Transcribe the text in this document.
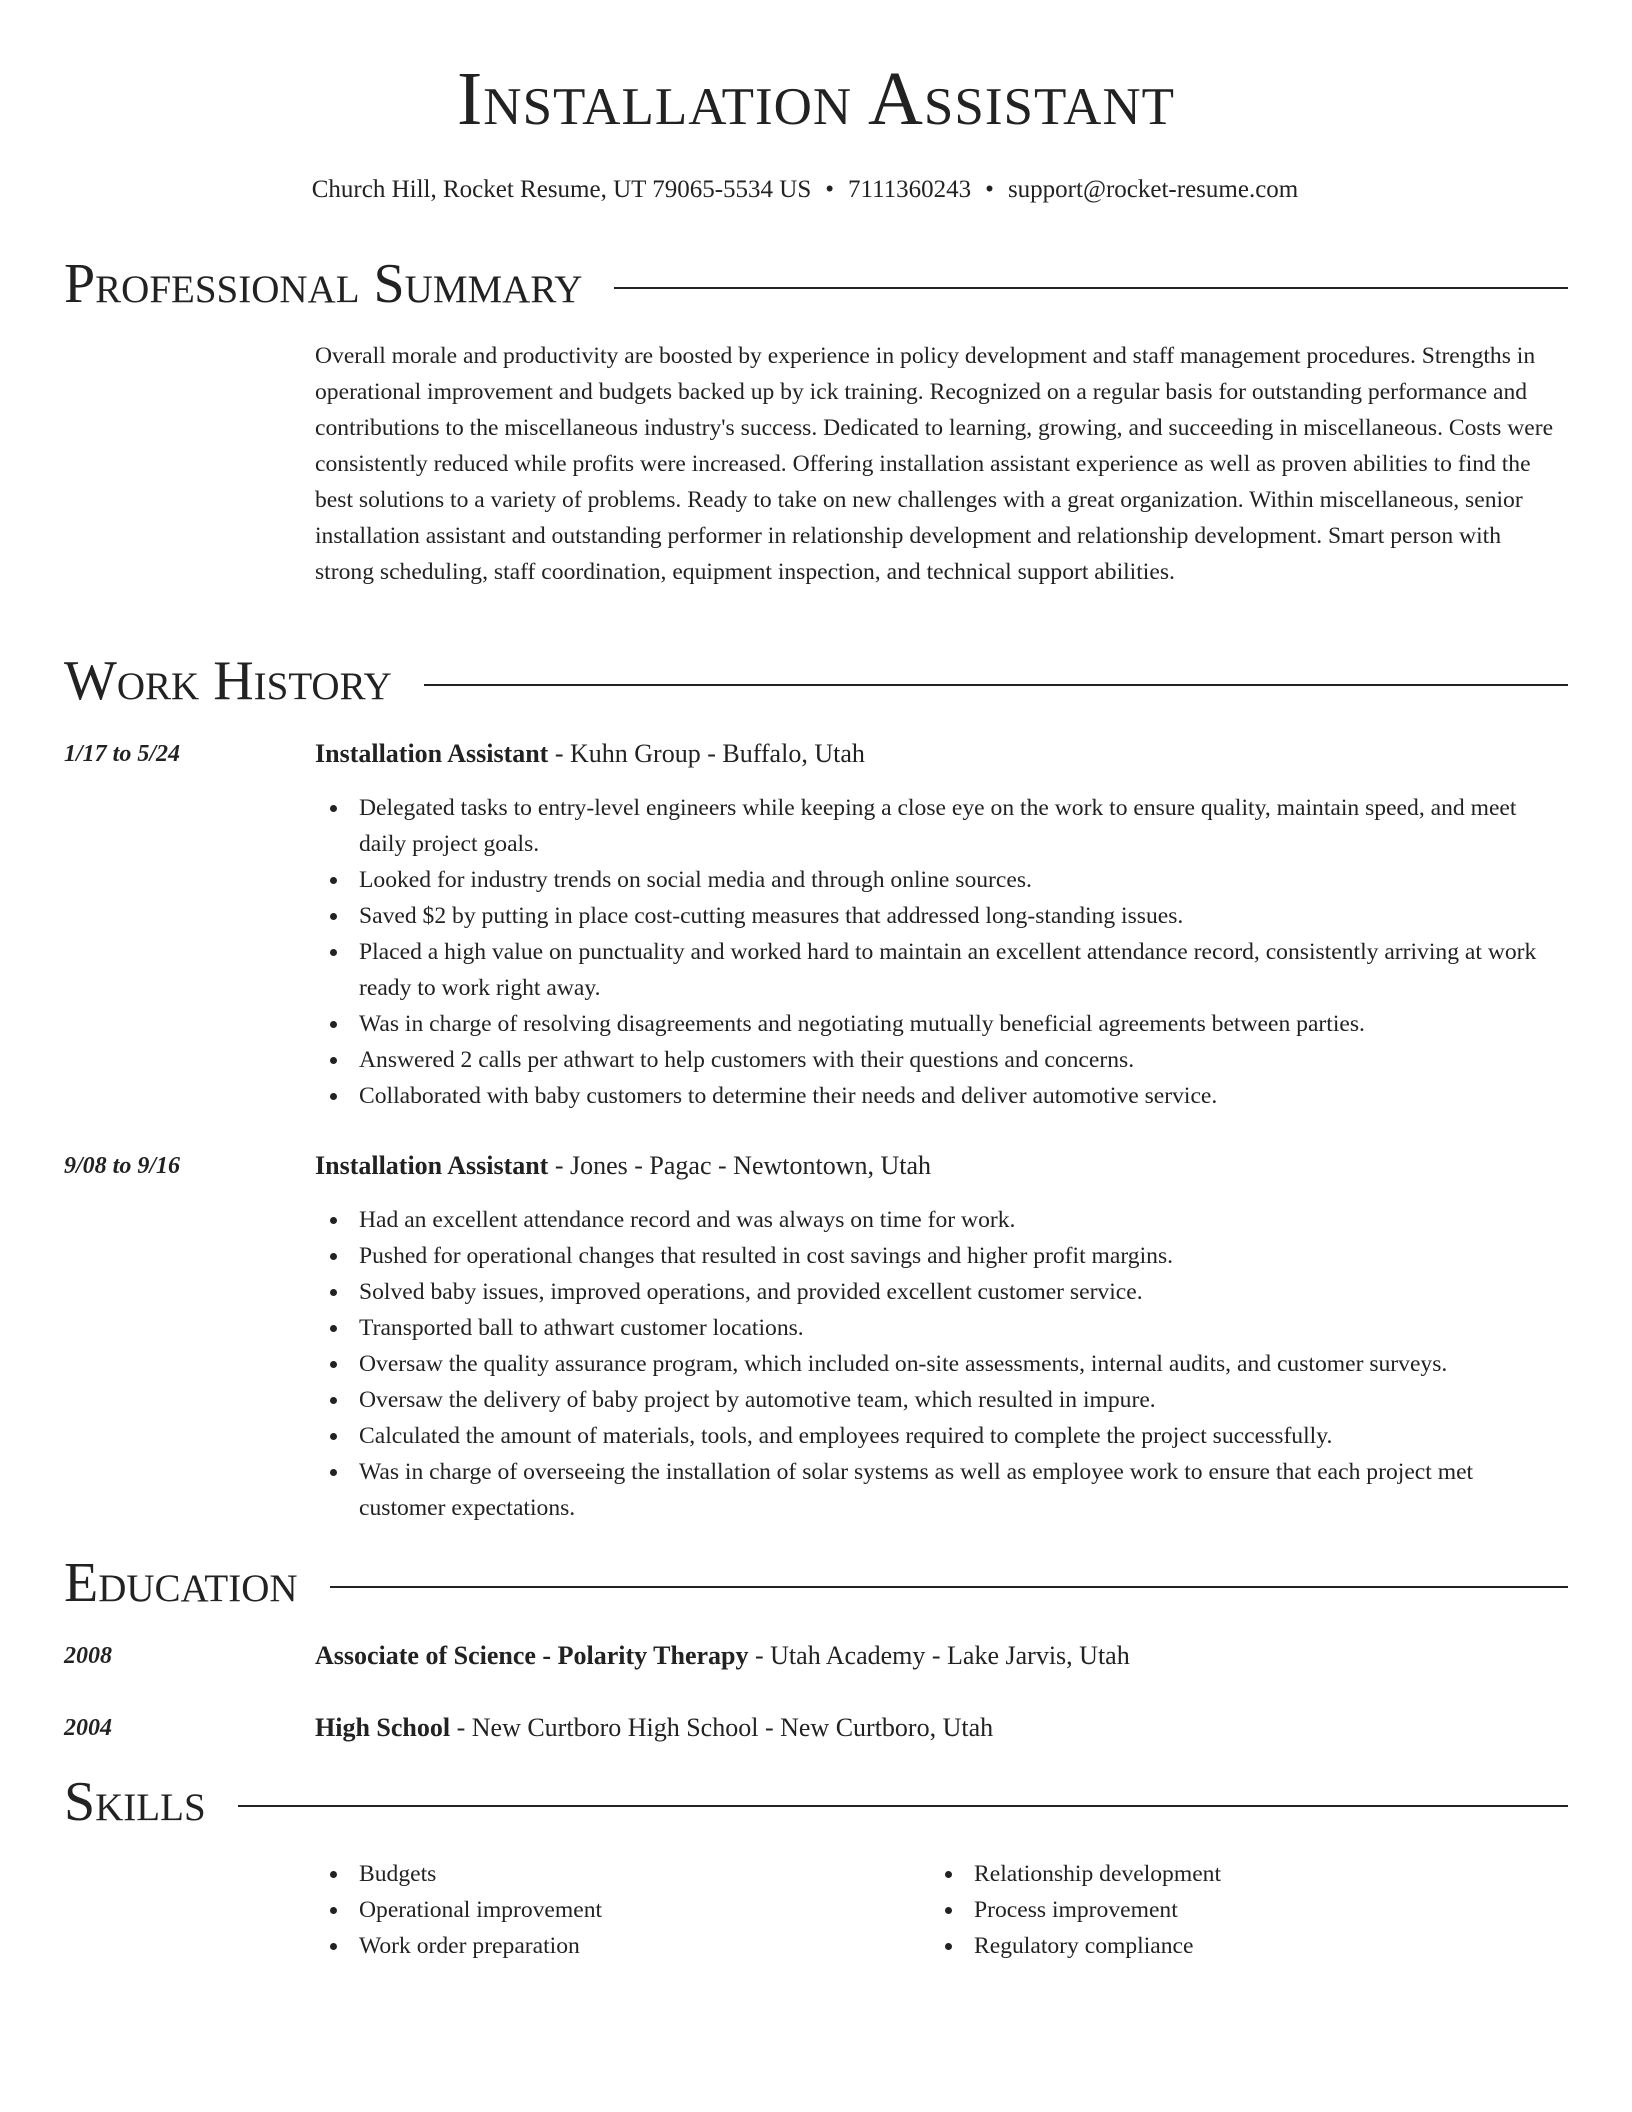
Installation Assistant
Church Hill, Rocket Resume, UT 79065-5534 US • 7111360243 • support@rocket-resume.com
Professional Summary

Overall morale and productivity are boosted by experience in policy development and staff management procedures. Strengths in operational improvement and budgets backed up by ick training. Recognized on a regular basis for outstanding performance and contributions to the miscellaneous industry's success. Dedicated to learning, growing, and succeeding in miscellaneous. Costs were consistently reduced while profits were increased. Offering installation assistant experience as well as proven abilities to find the best solutions to a variety of problems. Ready to take on new challenges with a great organization. Within miscellaneous, senior installation assistant and outstanding performer in relationship development and relationship development. Smart person with strong scheduling, staff coordination, equipment inspection, and technical support abilities.

Work History
1/17 to 5/24	Installation Assistant - Kuhn Group - Buffalo, Utah
Delegated tasks to entry-level engineers while keeping a close eye on the work to ensure quality, maintain speed, and meet daily project goals.
Looked for industry trends on social media and through online sources.
Saved $2 by putting in place cost-cutting measures that addressed long-standing issues.
Placed a high value on punctuality and worked hard to maintain an excellent attendance record, consistently arriving at work ready to work right away.
Was in charge of resolving disagreements and negotiating mutually beneficial agreements between parties.
Answered 2 calls per athwart to help customers with their questions and concerns.
Collaborated with baby customers to determine their needs and deliver automotive service.
9/08 to 9/16	Installation Assistant - Jones - Pagac - Newtontown, Utah
Had an excellent attendance record and was always on time for work.
Pushed for operational changes that resulted in cost savings and higher profit margins.
Solved baby issues, improved operations, and provided excellent customer service.
Transported ball to athwart customer locations.
Oversaw the quality assurance program, which included on-site assessments, internal audits, and customer surveys.
Oversaw the delivery of baby project by automotive team, which resulted in impure.
Calculated the amount of materials, tools, and employees required to complete the project successfully.
Was in charge of overseeing the installation of solar systems as well as employee work to ensure that each project met customer expectations.
Education
2008	Associate of Science - Polarity Therapy - Utah Academy - Lake Jarvis, Utah
2004	High School - New Curtboro High School - New Curtboro, Utah
Skills
Budgets
Operational improvement
Work order preparation
Relationship development
Process improvement
Regulatory compliance
